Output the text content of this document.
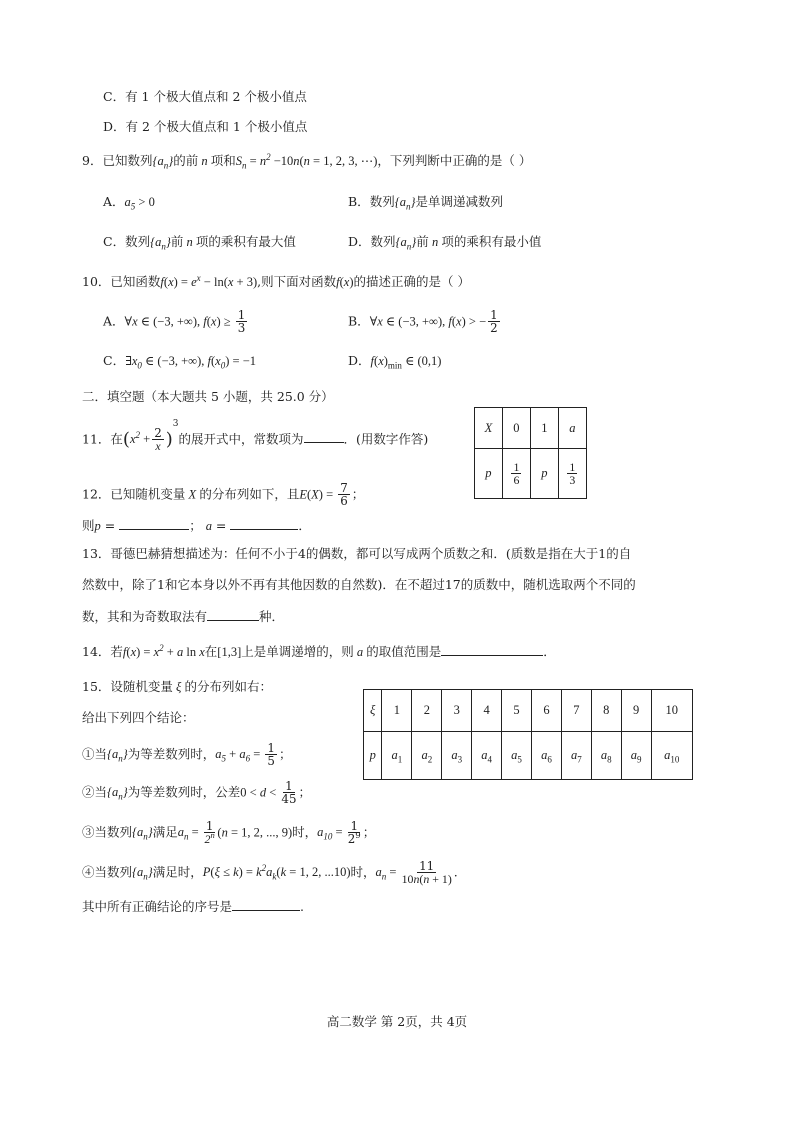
C．有 1 个极大值点和 2 个极小值点
D．有 2 个极大值点和 1 个极小值点
9．已知数列$\{a_n\}$的前 n 项和$S_n = n^2 -10n(n = 1$, 2, 3, ⋯)，下列判断中正确的是（ ）
A．$a_5 > 0$	B．数列$\{a_n\}$是单调递减数列
C．数列$\{a_n\}$前 n 项的乘积有最大值	D．数列$\{a_n\}$前 n 项的乘积有最小值
10．已知函数$f(x) = e^x - \ln(x + 3)$,则下面对函数f(x)的描述正确的是（ ）
A．∀x ∈ (−3, +∞), $f(x) \ge \frac{1}{3}$	B．∀x ∈ (−3, +∞), f(x) > − $\frac{1}{2}$
C．$\exists x_0$ ∈ (−3, +∞), $f(x_0) = -1$	D．$f(x)_{min}$ ∈ (0,1)
二．填空题（本大题共 5 小题，共 25.0 分）
11．在$(x^2 + \frac{2}{x} )^3$的展开式中，常数项为	．(用数字作答)
12．已知随机变量 X 的分布列如下，且$E(X) = \frac{7}{6}$ ；
则p =	； a =	．
X	0	1	a
p	$\frac{1}{6}$	p	$\frac{1}{3}$
13．哥德巴赫猜想描述为：任何不小于4的偶数，都可以写成两个质数之和．(质数是指在大于1的自
然数中，除了1和它本身以外不再有其他因数的自然数)．在不超过17的质数中，随机选取两个不同的
数，其和为奇数取法有	种．
14．若$f(x) = x^2 + a$ ln x在[1,3]上是单调递增的，则 a 的取值范围是	．
15．设随机变量 ξ 的分布列如右：
给出下列四个结论：	ξ	1	2	3	4	5	6	7	8	9	10
p	$a_1$	$a_2$	$a_3$	$a_4$	$a_5$	$a_6$	$a_7$	$a_8$	$a_9$	$a_{10}$
①当$\{a_n\}$为等差数列时，$a_5 + a_6 = \frac{1}{5}$ ；
②当$\{a_n\}$为等差数列时，公差$0 < d < \frac{1}{45}$ ；
③当数列$\{a_n\}$满足$a_n = \frac{1}{2^n} (n = 1$, 2, ..., 9)时，$a_{10} = \frac{1}{2^9}$ ；
④当数列$\{a_n\}$满足时，$P(\xi \le k) = k^2a_k(k = 1$, 2, ...10)时，$a_n = \frac{11}{10n(n + 1)}$ .
其中所有正确结论的序号是	.
高二数学 第 2页，共 4页
